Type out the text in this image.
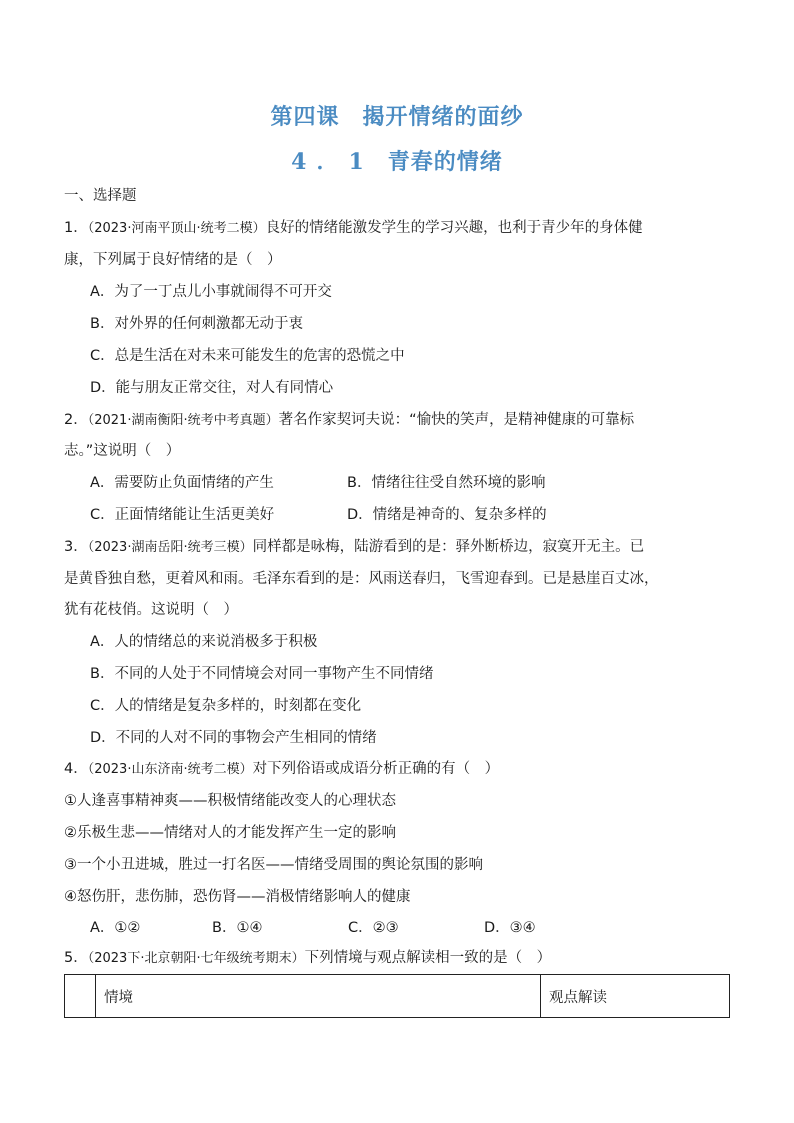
第四课　揭开情绪的面纱
4．1 青春的情绪
一、选择题
1．（2023·河南平顶山·统考二模）良好的情绪能激发学生的学习兴趣，也利于青少年的身体健
康，下列属于良好情绪的是（　）
A．为了一丁点儿小事就闹得不可开交
B．对外界的任何刺激都无动于衷
C．总是生活在对未来可能发生的危害的恐慌之中
D．能与朋友正常交往，对人有同情心
2．（2021·湖南衡阳·统考中考真题）著名作家契诃夫说：“愉快的笑声，是精神健康的可靠标
志。”这说明（　）
A．需要防止负面情绪的产生	B．情绪往往受自然环境的影响
C．正面情绪能让生活更美好	D．情绪是神奇的、复杂多样的
3．（2023·湖南岳阳·统考三模）同样都是咏梅，陆游看到的是：驿外断桥边，寂寞开无主。已
是黄昏独自愁，更着风和雨。毛泽东看到的是：风雨送春归，飞雪迎春到。已是悬崖百丈冰，
犹有花枝俏。这说明（　）
A．人的情绪总的来说消极多于积极
B．不同的人处于不同情境会对同一事物产生不同情绪
C．人的情绪是复杂多样的，时刻都在变化
D．不同的人对不同的事物会产生相同的情绪
4．（2023·山东济南·统考二模）对下列俗语或成语分析正确的有（　）
①人逢喜事精神爽——积极情绪能改变人的心理状态
②乐极生悲——情绪对人的才能发挥产生一定的影响
③一个小丑进城，胜过一打名医——情绪受周围的舆论氛围的影响
④怒伤肝，悲伤肺，恐伤肾——消极情绪影响人的健康
A．①②	B．①④	C．②③	D．③④
5．（2023下·北京朝阳·七年级统考期末）下列情境与观点解读相一致的是（　）
	情境	观点解读
